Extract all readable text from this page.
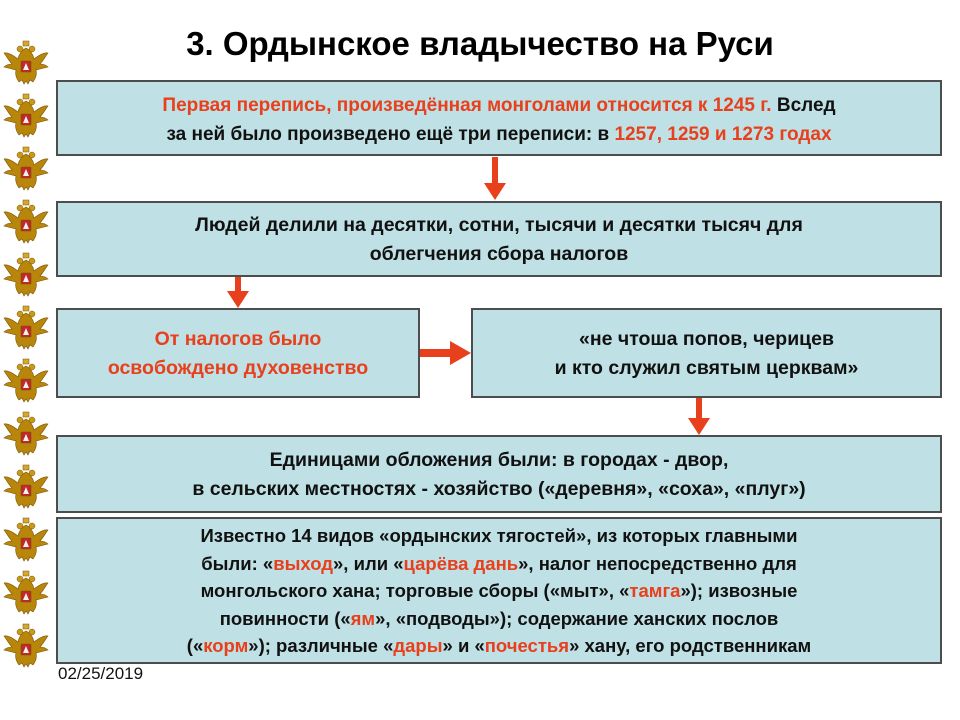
3. Ордынское владычество на Руси
Первая перепись, произведённая монголами относится к 1245 г. Вслед
за ней было произведено ещё три переписи: в 1257, 1259 и 1273 годах
Людей делили на десятки, сотни, тысячи и десятки тысяч для
облегчения сбора налогов
От налогов было
освобождено духовенство
«не чтоша попов, черицев
и кто служил святым церквам»
Единицами обложения были: в городах - двор,
в сельских местностях - хозяйство («деревня», «соха», «плуг»)
Известно 14 видов «ордынских тягостей», из которых главными
были: «выход», или «царёва дань», налог непосредственно для
монгольского хана; торговые сборы («мыт», «тамга»); извозные
повинности («ям», «подводы»); содержание ханских послов
(«корм»); различные «дары» и «почестья» хану, его родственникам
02/25/2019
